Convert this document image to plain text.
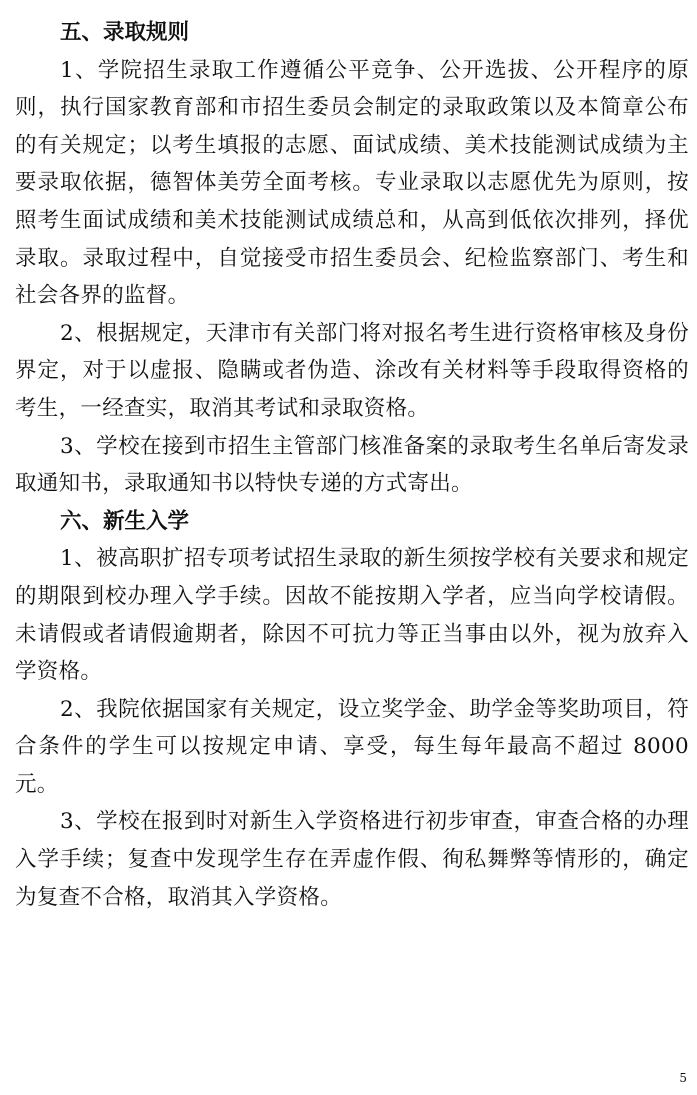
五、录取规则

1、学院招生录取工作遵循公平竞争、公开选拔、公开程序的原则，执行国家教育部和市招生委员会制定的录取政策以及本简章公布的有关规定；以考生填报的志愿、面试成绩、美术技能测试成绩为主要录取依据，德智体美劳全面考核。专业录取以志愿优先为原则，按照考生面试成绩和美术技能测试成绩总和，从高到低依次排列，择优录取。录取过程中，自觉接受市招生委员会、纪检监察部门、考生和社会各界的监督。

2、根据规定，天津市有关部门将对报名考生进行资格审核及身份界定，对于以虚报、隐瞒或者伪造、涂改有关材料等手段取得资格的考生，一经查实，取消其考试和录取资格。

3、学校在接到市招生主管部门核准备案的录取考生名单后寄发录取通知书，录取通知书以特快专递的方式寄出。

六、新生入学

1、被高职扩招专项考试招生录取的新生须按学校有关要求和规定的期限到校办理入学手续。因故不能按期入学者，应当向学校请假。未请假或者请假逾期者，除因不可抗力等正当事由以外，视为放弃入学资格。

2、我院依据国家有关规定，设立奖学金、助学金等奖助项目，符合条件的学生可以按规定申请、享受，每生每年最高不超过 8000 元。

3、学校在报到时对新生入学资格进行初步审查，审查合格的办理入学手续；复查中发现学生存在弄虚作假、徇私舞弊等情形的，确定为复查不合格，取消其入学资格。

5
